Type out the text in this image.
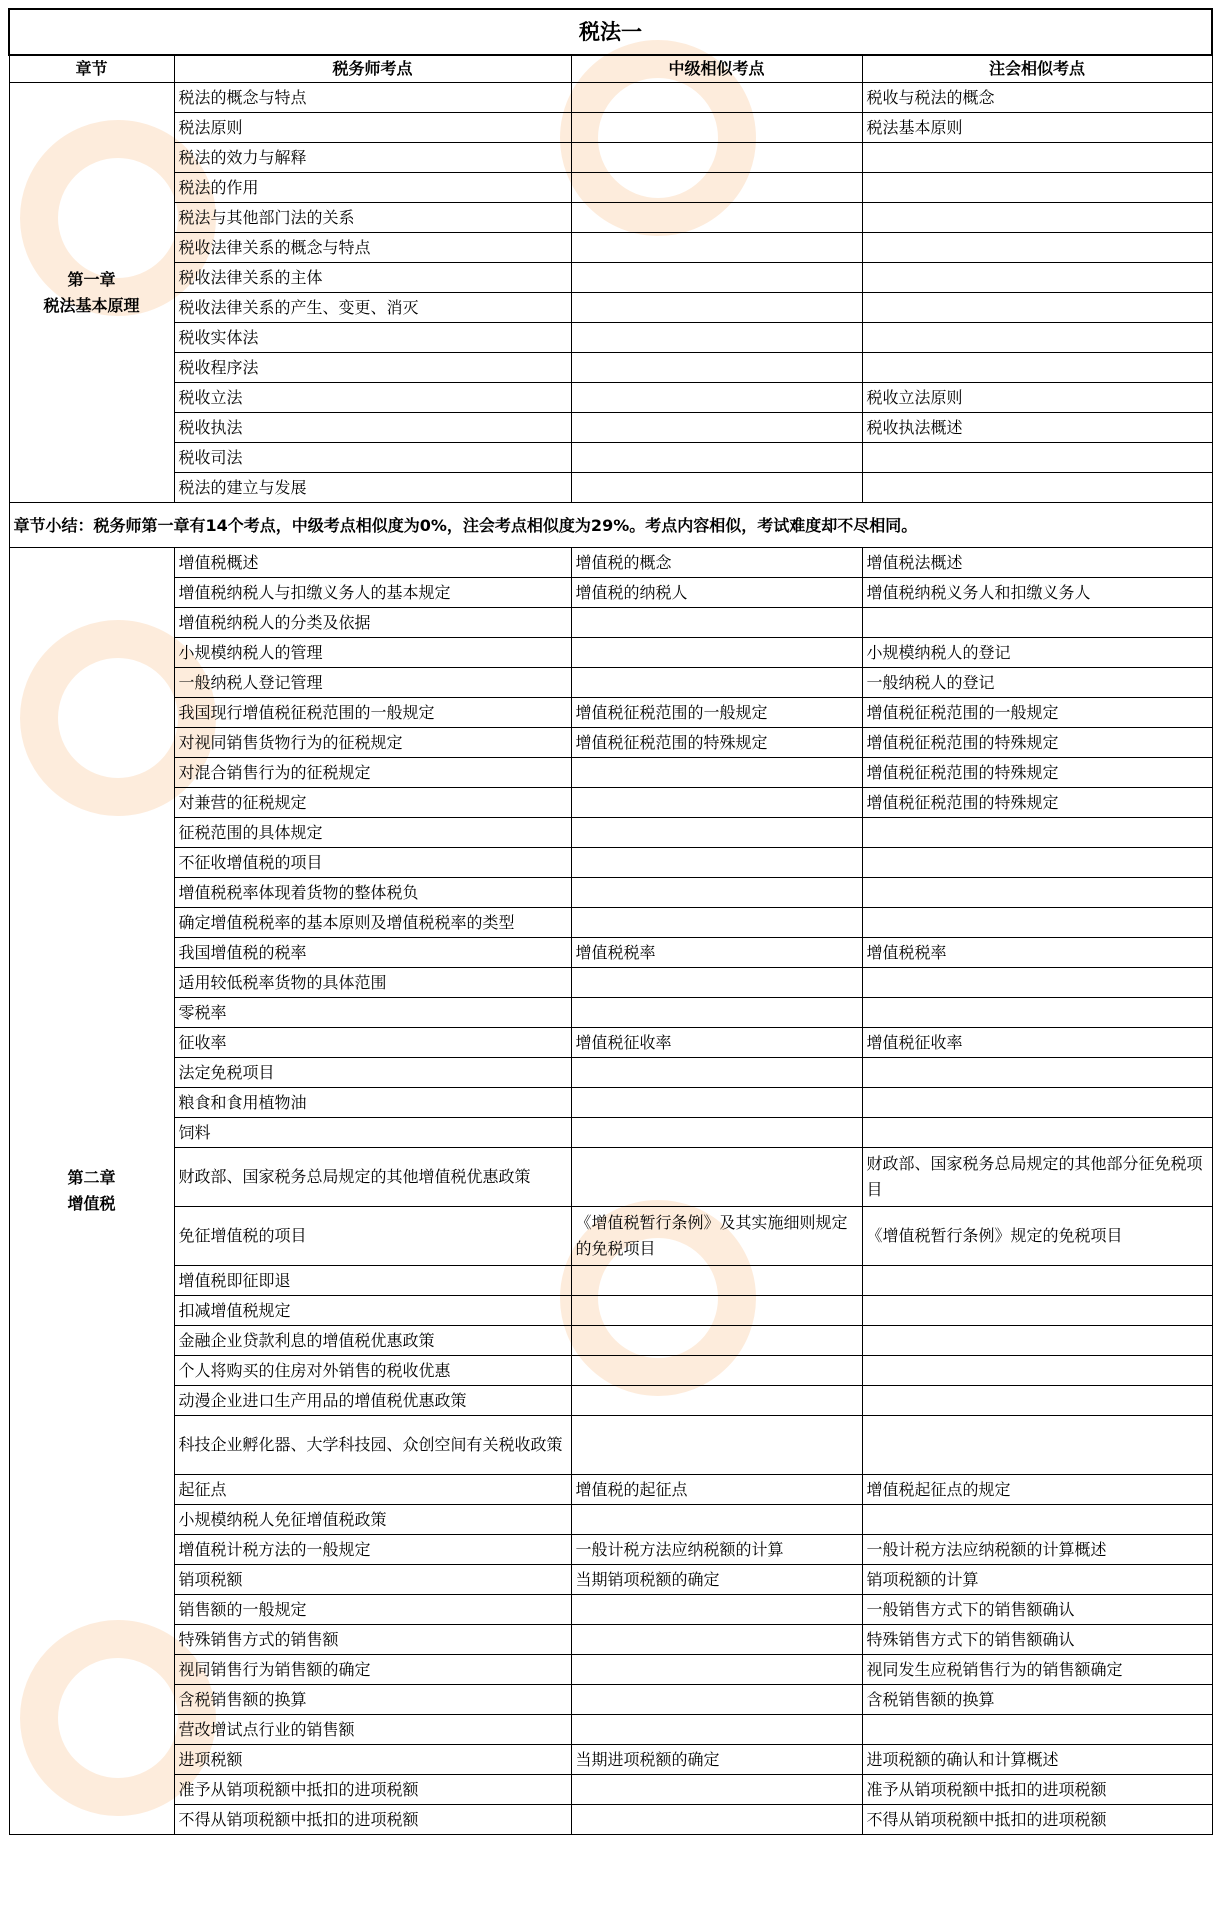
税法一			
章节	税务师考点	中级相似考点	注会相似考点

第一章
税法基本原理	税法的概念与特点		税收与税法的概念
	税法原则		税法基本原则
	税法的效力与解释		
	税法的作用		
	税法与其他部门法的关系		
	税收法律关系的概念与特点		
	税收法律关系的主体		
	税收法律关系的产生、变更、消灭		
	税收实体法		
	税收程序法		
	税收立法		税收立法原则
	税收执法		税收执法概述
	税收司法		
	税法的建立与发展		
章节小结：税务师第一章有14个考点，中级考点相似度为0%，注会考点相似度为29%。考点内容相似，考试难度却不尽相同。			

第二章
增值税	增值税概述	增值税的概念	增值税法概述
	增值税纳税人与扣缴义务人的基本规定	增值税的纳税人	增值税纳税义务人和扣缴义务人
	增值税纳税人的分类及依据		
	小规模纳税人的管理		小规模纳税人的登记
	一般纳税人登记管理		一般纳税人的登记
	我国现行增值税征税范围的一般规定	增值税征税范围的一般规定	增值税征税范围的一般规定
	对视同销售货物行为的征税规定	增值税征税范围的特殊规定	增值税征税范围的特殊规定
	对混合销售行为的征税规定		增值税征税范围的特殊规定
	对兼营的征税规定		增值税征税范围的特殊规定
	征税范围的具体规定		
	不征收增值税的项目		
	增值税税率体现着货物的整体税负		
	确定增值税税率的基本原则及增值税税率的类型		
	我国增值税的税率	增值税税率	增值税税率
	适用较低税率货物的具体范围		
	零税率		
	征收率	增值税征收率	增值税征收率
	法定免税项目		
	粮食和食用植物油		
	饲料		
	财政部、国家税务总局规定的其他增值税优惠政策		财政部、国家税务总局规定的其他部分征免税项目
	免征增值税的项目	《增值税暂行条例》及其实施细则规定的免税项目	《增值税暂行条例》规定的免税项目
	增值税即征即退		
	扣减增值税规定		
	金融企业贷款利息的增值税优惠政策		
	个人将购买的住房对外销售的税收优惠		
	动漫企业进口生产用品的增值税优惠政策		
	科技企业孵化器、大学科技园、众创空间有关税收政策		
	起征点	增值税的起征点	增值税起征点的规定
	小规模纳税人免征增值税政策		
	增值税计税方法的一般规定	一般计税方法应纳税额的计算	一般计税方法应纳税额的计算概述
	销项税额	当期销项税额的确定	销项税额的计算
	销售额的一般规定		一般销售方式下的销售额确认
	特殊销售方式的销售额		特殊销售方式下的销售额确认
	视同销售行为销售额的确定		视同发生应税销售行为的销售额确定
	含税销售额的换算		含税销售额的换算
	营改增试点行业的销售额		
	进项税额	当期进项税额的确定	进项税额的确认和计算概述
	准予从销项税额中抵扣的进项税额		准予从销项税额中抵扣的进项税额
	不得从销项税额中抵扣的进项税额		不得从销项税额中抵扣的进项税额
